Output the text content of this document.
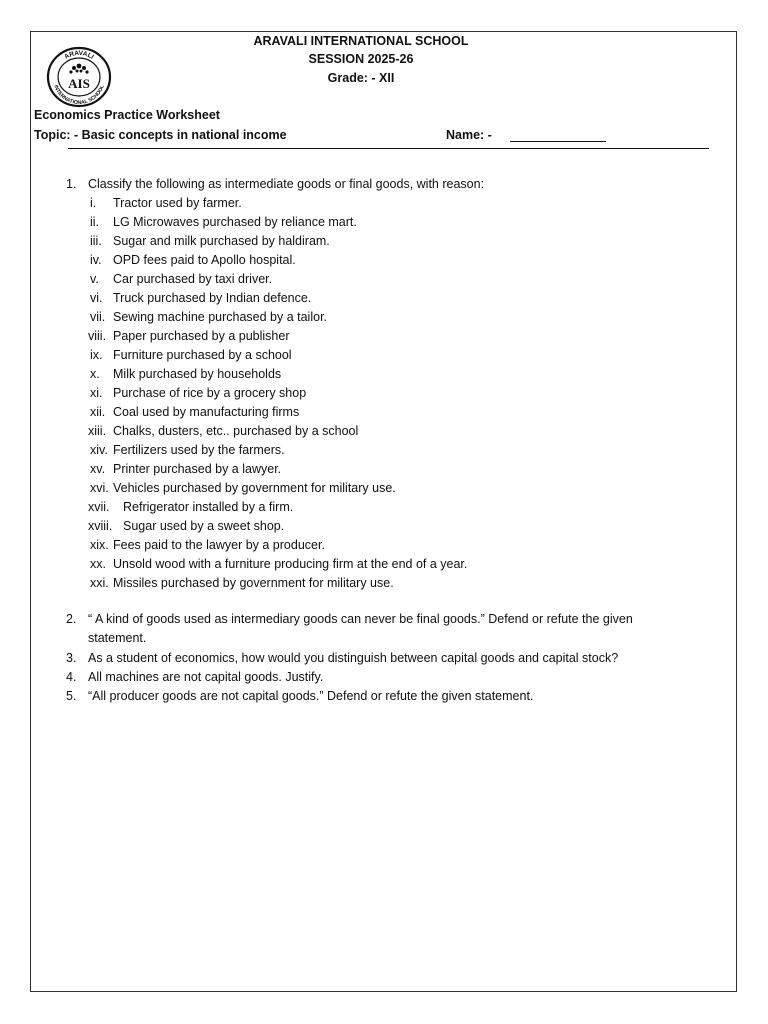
ARAVALI
INTERNATIONAL SCHOOL
AIS
ARAVALI INTERNATIONAL SCHOOL
SESSION 2025-26
Grade: - XII
Economics Practice Worksheet
Topic: - Basic concepts in national income	Name: -
1. Classify the following as intermediate goods or final goods, with reason:
i. Tractor used by farmer.
ii. LG Microwaves purchased by reliance mart.
iii. Sugar and milk purchased by haldiram.
iv. OPD fees paid to Apollo hospital.
v. Car purchased by taxi driver.
vi. Truck purchased by Indian defence.
vii. Sewing machine purchased by a tailor.
viii. Paper purchased by a publisher
ix. Furniture purchased by a school
x. Milk purchased by households
xi. Purchase of rice by a grocery shop
xii. Coal used by manufacturing firms
xiii. Chalks, dusters, etc.. purchased by a school
xiv. Fertilizers used by the farmers.
xv. Printer purchased by a lawyer.
xvi. Vehicles purchased by government for military use.
xvii. Refrigerator installed by a firm.
xviii. Sugar used by a sweet shop.
xix. Fees paid to the lawyer by a producer.
xx. Unsold wood with a furniture producing firm at the end of a year.
xxi. Missiles purchased by government for military use.
2. “ A kind of goods used as intermediary goods can never be final goods.” Defend or refute the given
statement.
3. As a student of economics, how would you distinguish between capital goods and capital stock?
4. All machines are not capital goods. Justify.
5. “All producer goods are not capital goods.” Defend or refute the given statement.
